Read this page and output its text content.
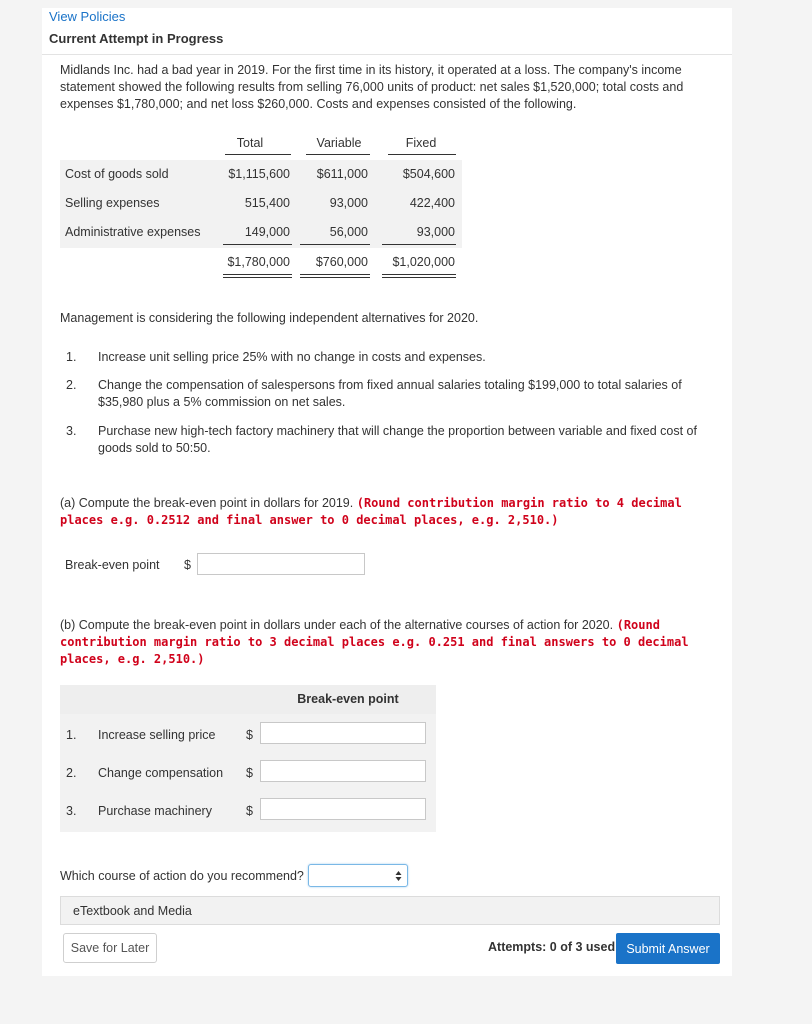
View Policies
Current Attempt in Progress
Midlands Inc. had a bad year in 2019. For the first time in its history, it operated at a loss. The company's income statement showed the following results from selling 76,000 units of product: net sales $1,520,000; total costs and expenses $1,780,000; and net loss $260,000. Costs and expenses consisted of the following.
Total	Variable	Fixed
Cost of goods sold	$1,115,600	$611,000	$504,600
Selling expenses	515,400	93,000	422,400
Administrative expenses	149,000	56,000	93,000
$1,780,000	$760,000	$1,020,000
Management is considering the following independent alternatives for 2020.
1. Increase unit selling price 25% with no change in costs and expenses.
2. Change the compensation of salespersons from fixed annual salaries totaling $199,000 to total salaries of $35,980 plus a 5% commission on net sales.
3. Purchase new high-tech factory machinery that will change the proportion between variable and fixed cost of goods sold to 50:50.
(a) Compute the break-even point in dollars for 2019. (Round contribution margin ratio to 4 decimal places e.g. 0.2512 and final answer to 0 decimal places, e.g. 2,510.)
Break-even point $
(b) Compute the break-even point in dollars under each of the alternative courses of action for 2020. (Round contribution margin ratio to 3 decimal places e.g. 0.251 and final answers to 0 decimal places, e.g. 2,510.)
Break-even point
1. Increase selling price $
2. Change compensation $
3. Purchase machinery	$
Which course of action do you recommend?
eTextbook and Media
Save for Later	Attempts: 0 of 3 used Submit Answer
